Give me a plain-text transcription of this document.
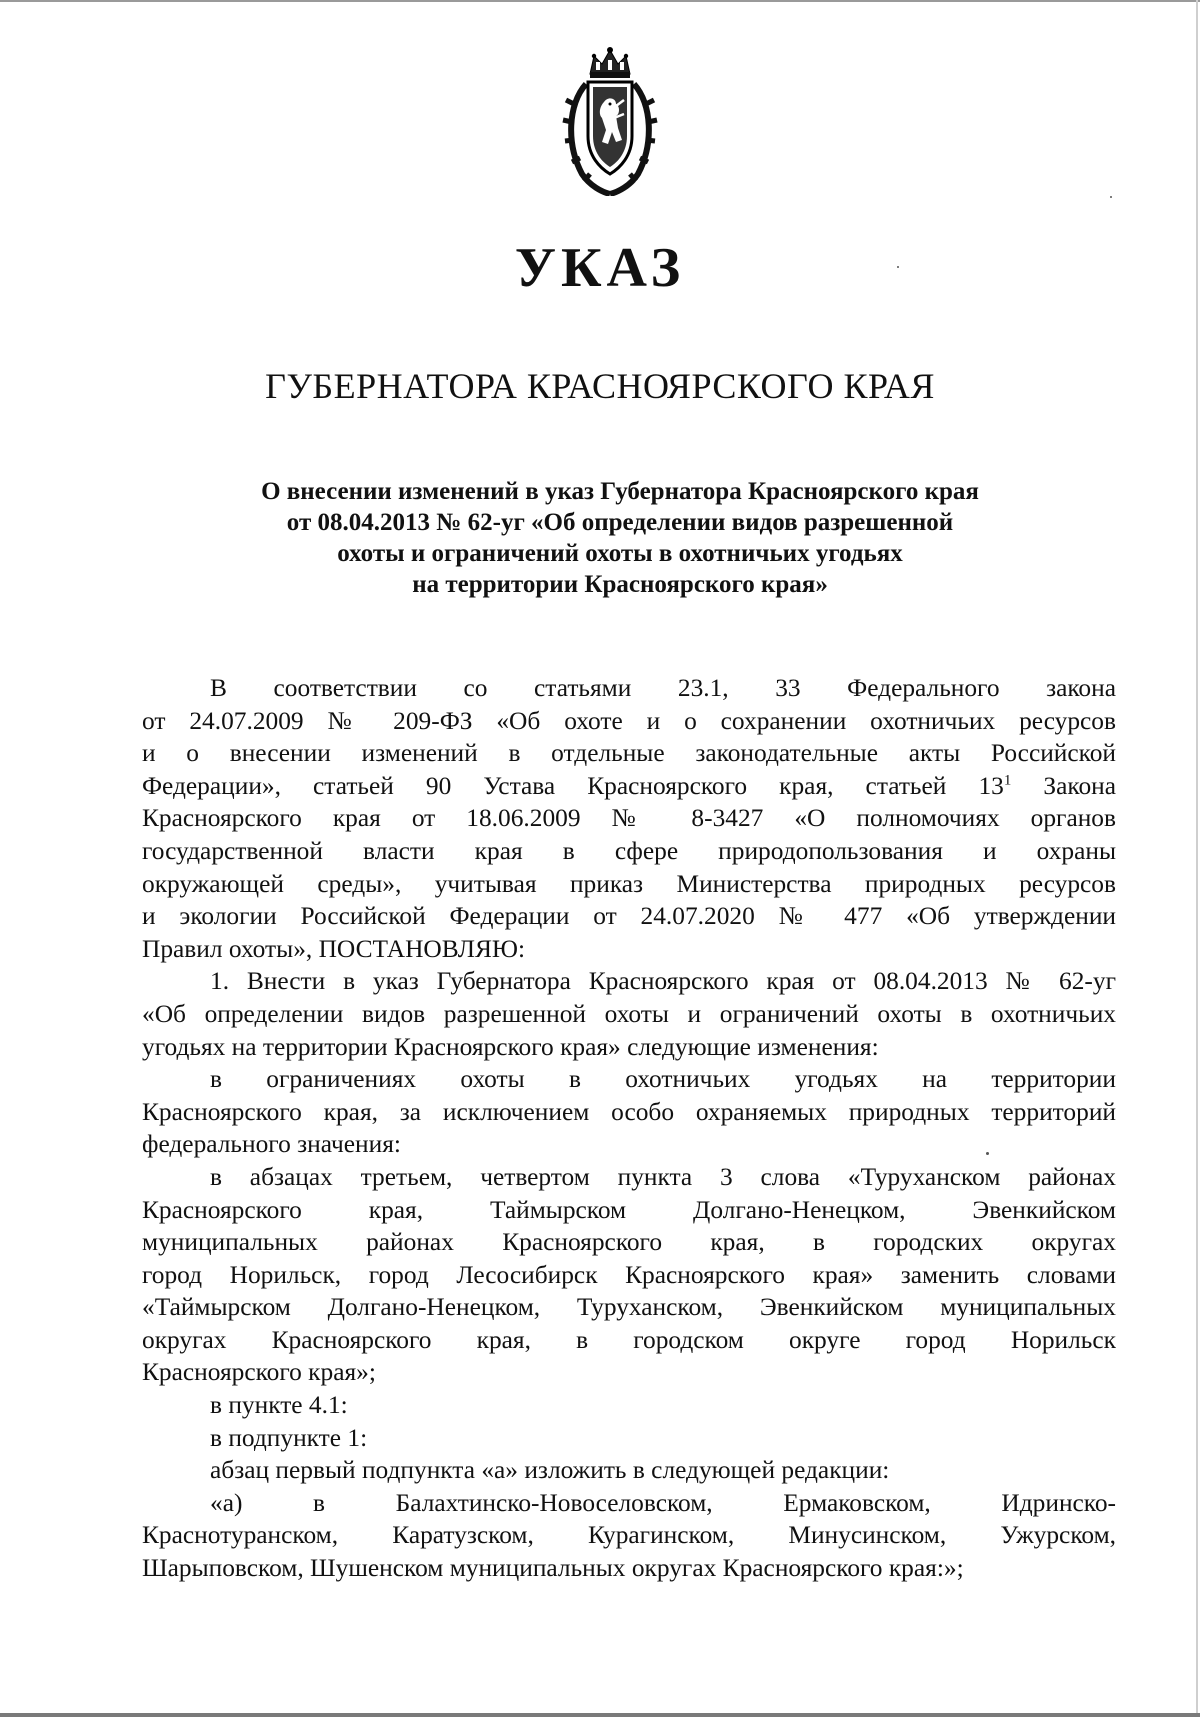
УКАЗ
ГУБЕРНАТОРА КРАСНОЯРСКОГО КРАЯ
О внесении изменений в указ Губернатора Красноярского края
от 08.04.2013 № 62-уг «Об определении видов разрешенной
охоты и ограничений охоты в охотничьих угодьях
на территории Красноярского края»
В соответствии со статьями 23.1, 33 Федерального закона
от 24.07.2009 № 209-ФЗ «Об охоте и о сохранении охотничьих ресурсов
и о внесении изменений в отдельные законодательные акты Российской
Федерации», статьей 90 Устава Красноярского края, статьей $13^1$ Закона
Красноярского края от 18.06.2009 № 8-3427 «О полномочиях органов
государственной власти края в сфере природопользования и охраны
окружающей среды», учитывая приказ Министерства природных ресурсов
и экологии Российской Федерации от 24.07.2020 № 477 «Об утверждении
Правил охоты», ПОСТАНОВЛЯЮ:
1. Внести в указ Губернатора Красноярского края от 08.04.2013 № 62-уг
«Об определении видов разрешенной охоты и ограничений охоты в охотничьих
угодьях на территории Красноярского края» следующие изменения:
в ограничениях охоты в охотничьих угодьях на территории
Красноярского края, за исключением особо охраняемых природных территорий
федерального значения:
в абзацах третьем, четвертом пункта 3 слова «Туруханском районах
Красноярского края, Таймырском Долгано-Ненецком, Эвенкийском
муниципальных районах Красноярского края, в городских округах
город Норильск, город Лесосибирск Красноярского края» заменить словами
«Таймырском Долгано-Ненецком, Туруханском, Эвенкийском муниципальных
округах Красноярского края, в городском округе город Норильск
Красноярского края»;
в пункте 4.1:
в подпункте 1:
абзац первый подпункта «а» изложить в следующей редакции:
«а) в Балахтинско-Новоселовском, Ермаковском, Идринско-
Краснотуранском, Каратузском, Курагинском, Минусинском, Ужурском,
Шарыповском, Шушенском муниципальных округах Красноярского края:»;
